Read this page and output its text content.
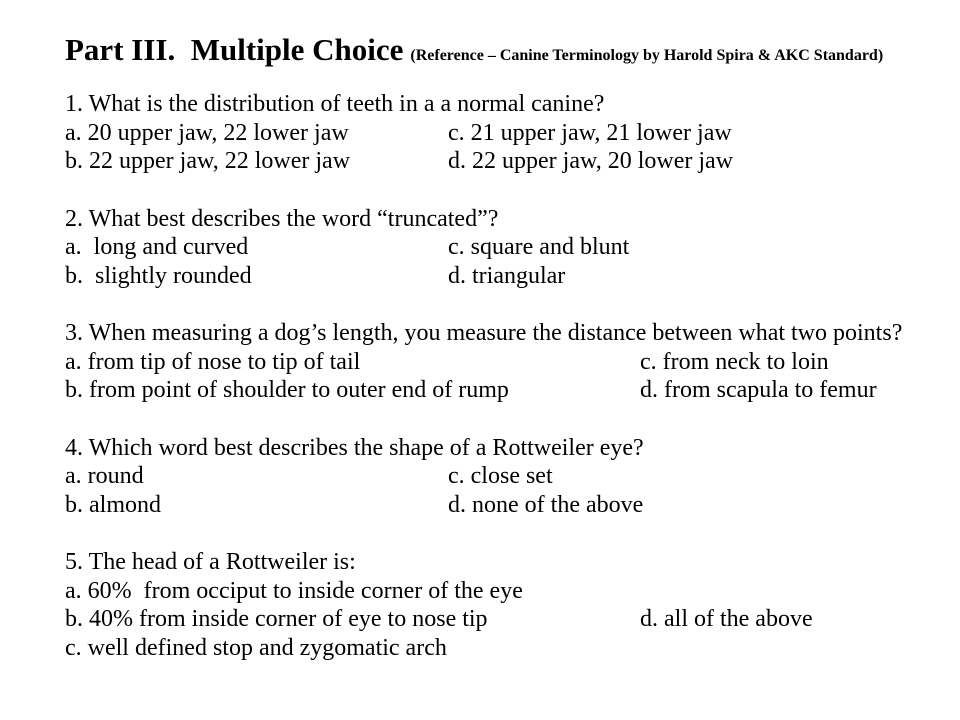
Part III.  Multiple Choice (Reference – Canine Terminology by Harold Spira & AKC Standard)
1. What is the distribution of teeth in a a normal canine?

a. 20 upper jaw, 22 lower jaw

	c. 21 upper jaw, 21 lower jaw

b. 22 upper jaw, 22 lower jaw

	d. 22 upper jaw, 20 lower jaw

2. What best describes the word “truncated”?

a.  long and curved

	c. square and blunt

b.  slightly rounded

	d. triangular

3. When measuring a dog’s length, you measure the distance between what two points?

a. from tip of nose to tip of tail

	c. from neck to loin

b. from point of shoulder to outer end of rump

	d. from scapula to femur

4. Which word best describes the shape of a Rottweiler eye?

a. round

	c. close set

b. almond

	d. none of the above

5. The head of a Rottweiler is:

a. 60%  from occiput to inside corner of the eye

b. 40% from inside corner of eye to nose tip

	d. all of the above

c. well defined stop and zygomatic arch
